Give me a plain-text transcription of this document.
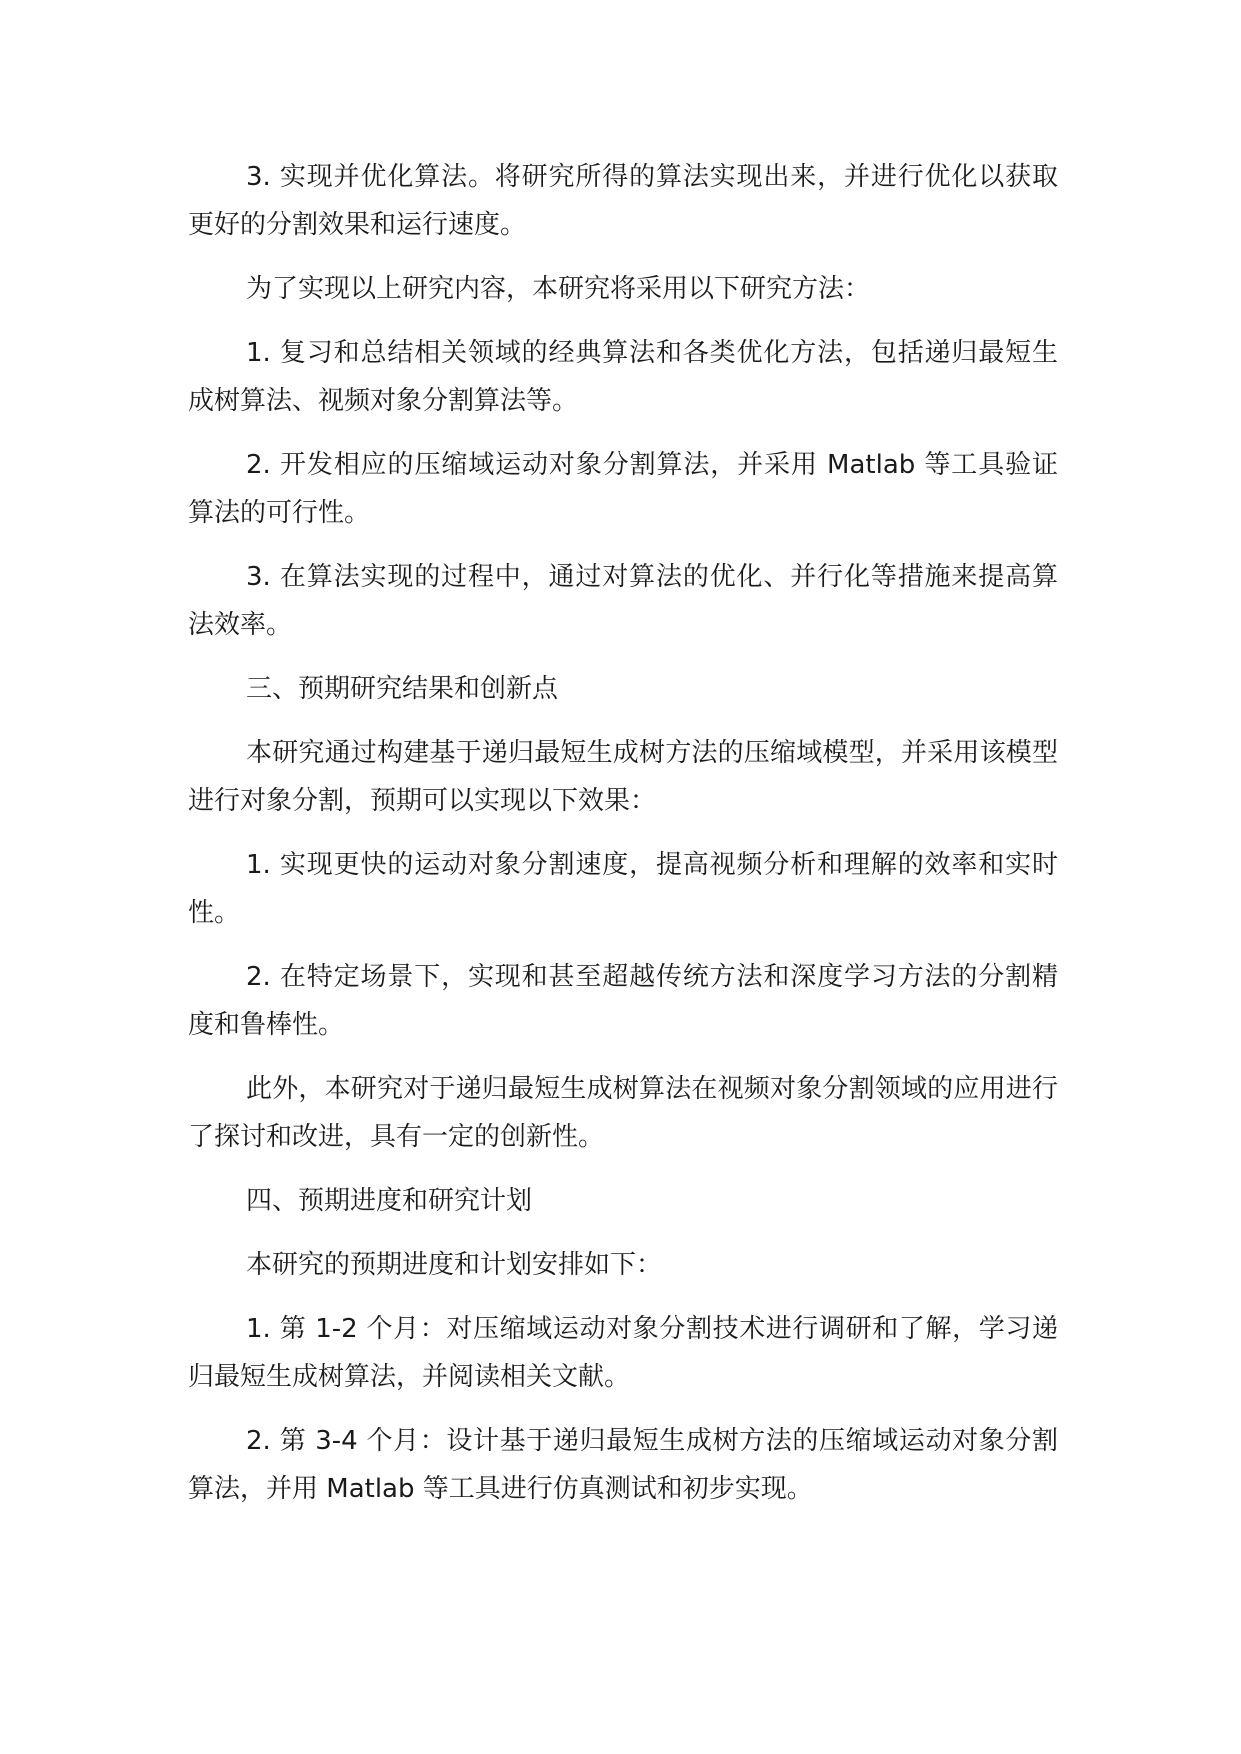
3. 实现并优化算法。将研究所得的算法实现出来，并进行优化以获取更好的分割效果和运行速度。

为了实现以上研究内容，本研究将采用以下研究方法：

1. 复习和总结相关领域的经典算法和各类优化方法，包括递归最短生成树算法、视频对象分割算法等。

2. 开发相应的压缩域运动对象分割算法，并采用 Matlab 等工具验证算法的可行性。

3. 在算法实现的过程中，通过对算法的优化、并行化等措施来提高算法效率。

三、预期研究结果和创新点

本研究通过构建基于递归最短生成树方法的压缩域模型，并采用该模型进行对象分割，预期可以实现以下效果：

1. 实现更快的运动对象分割速度，提高视频分析和理解的效率和实时性。

2. 在特定场景下，实现和甚至超越传统方法和深度学习方法的分割精度和鲁棒性。

此外，本研究对于递归最短生成树算法在视频对象分割领域的应用进行了探讨和改进，具有一定的创新性。

四、预期进度和研究计划

本研究的预期进度和计划安排如下：

1. 第 1-2 个月：对压缩域运动对象分割技术进行调研和了解，学习递归最短生成树算法，并阅读相关文献。

2. 第 3-4 个月：设计基于递归最短生成树方法的压缩域运动对象分割算法，并用 Matlab 等工具进行仿真测试和初步实现。
